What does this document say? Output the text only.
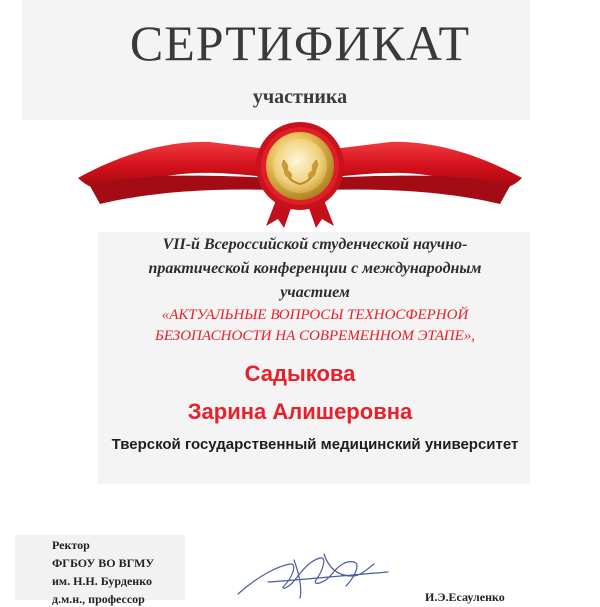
СЕРТИФИКАТ
участника
VII-й Всероссийской студенческой научно-
практической конференции с международным
участием
«АКТУАЛЬНЫЕ ВОПРОСЫ ТЕХНОСФЕРНОЙ
БЕЗОПАСНОСТИ НА СОВРЕМЕННОМ ЭТАПЕ»,
Садыкова
Зарина Алишеровна
Тверской государственный медицинский университет
Ректор
ФГБОУ ВО ВГМУ
им. Н.Н. Бурденко
д.м.н., профессор	И.Э.Есауленко
